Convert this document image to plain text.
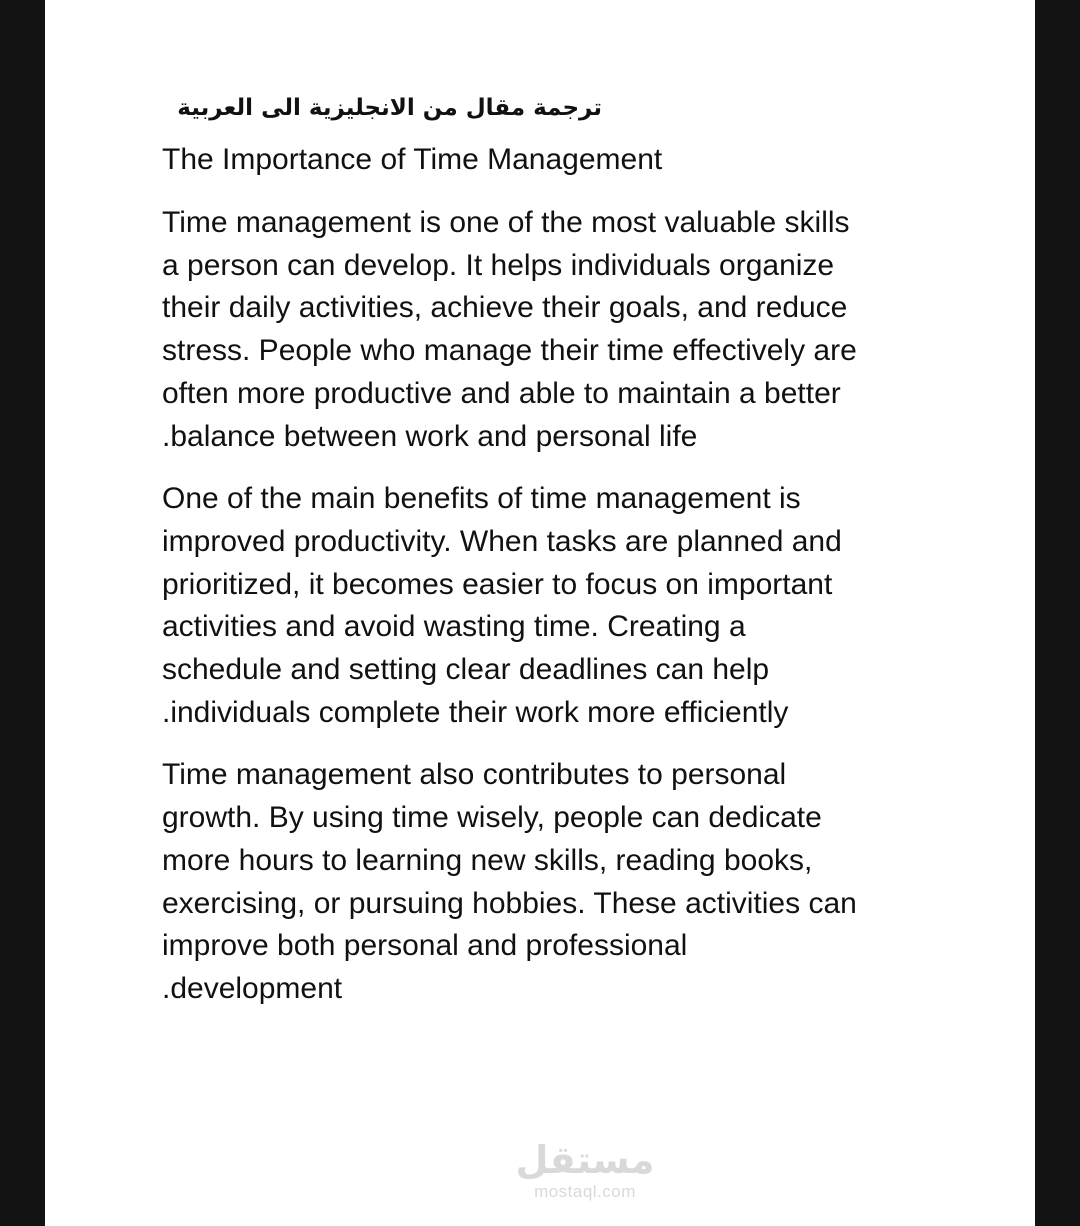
ترجمة مقال من الانجليزية الى العربية
The Importance of Time Management
Time management is one of the most valuable skills
a person can develop. It helps individuals organize
their daily activities, achieve their goals, and reduce
stress. People who manage their time effectively are
often more productive and able to maintain a better
.balance between work and personal life
One of the main benefits of time management is
improved productivity. When tasks are planned and
prioritized, it becomes easier to focus on important
activities and avoid wasting time. Creating a
schedule and setting clear deadlines can help
.individuals complete their work more efficiently
Time management also contributes to personal
growth. By using time wisely, people can dedicate
more hours to learning new skills, reading books,
exercising, or pursuing hobbies. These activities can
improve both personal and professional
.development
مستقل
mostaql.com
